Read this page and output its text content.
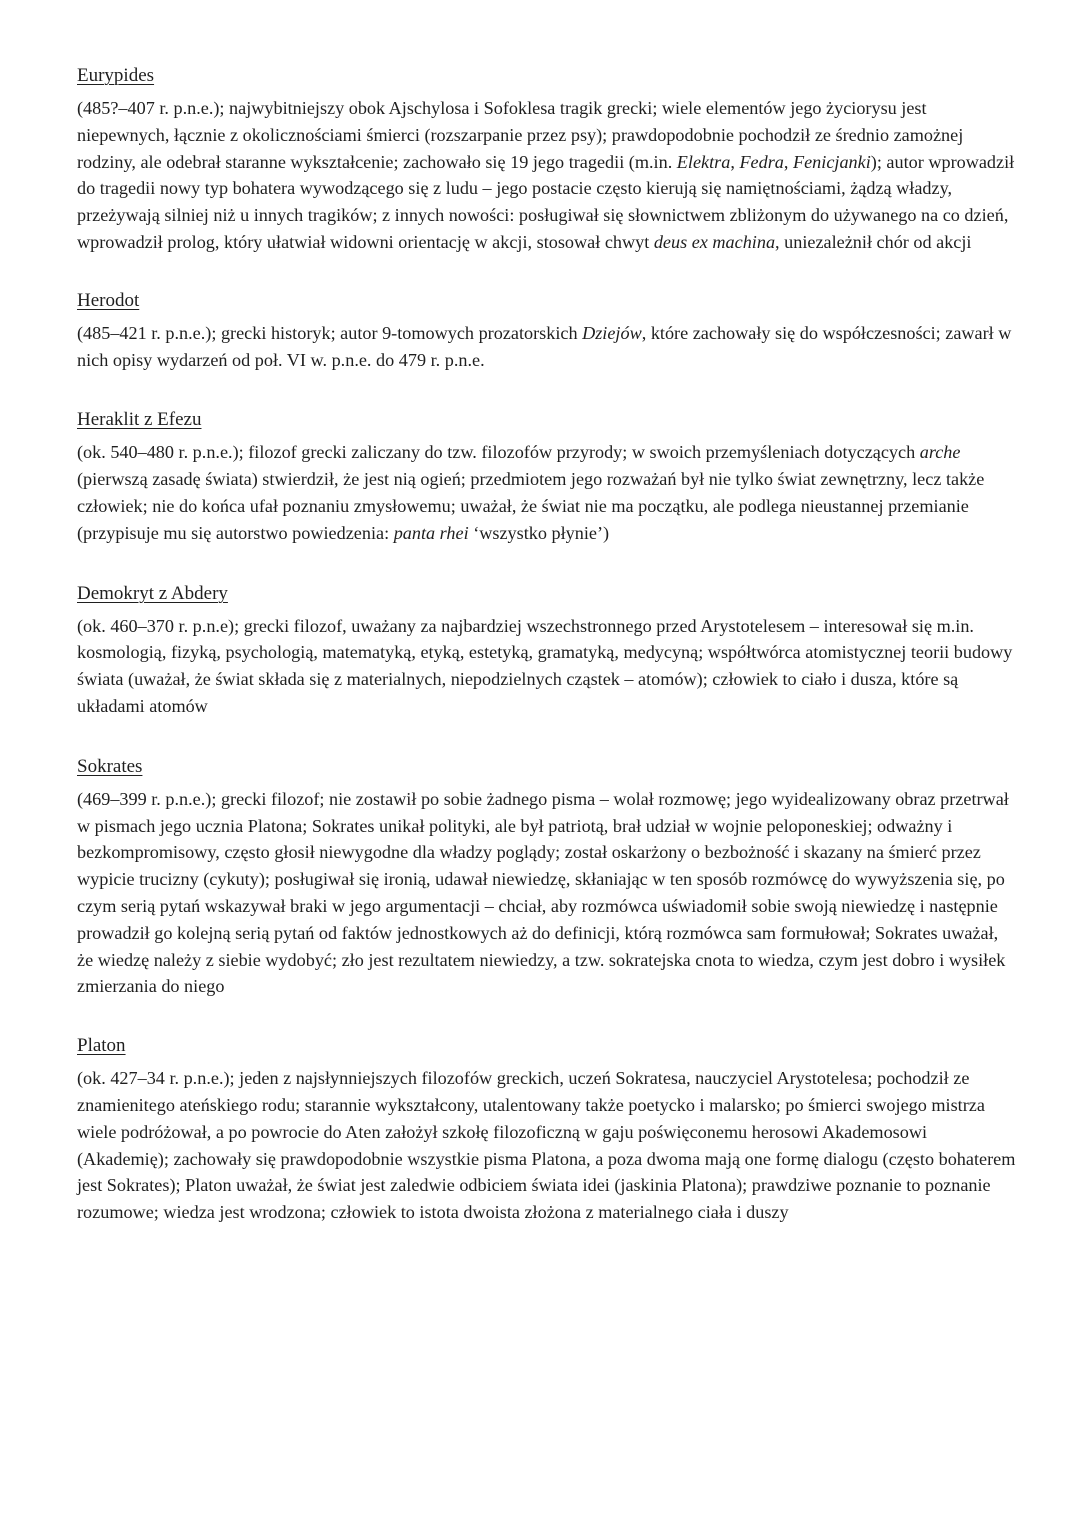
Eurypides

(485?–407 r. p.n.e.); najwybitniejszy obok Ajschylosa i Sofoklesa tragik grecki; wiele elementów jego życiorysu jest niepewnych, łącznie z okolicznościami śmierci (rozszarpanie przez psy); prawdopodobnie pochodził ze średnio zamożnej rodziny, ale odebrał staranne wykształcenie; zachowało się 19 jego tragedii (m.in. Elektra, Fedra, Fenicjanki); autor wprowadził do tragedii nowy typ bohatera wywodzącego się z ludu – jego postacie często kierują się namiętnościami, żądzą władzy, przeżywają silniej niż u innych tragików; z innych nowości: posługiwał się słownictwem zbliżonym do używanego na co dzień, wprowadził prolog, który ułatwiał widowni orientację w akcji, stosował chwyt deus ex machina, uniezależnił chór od akcji

Herodot

(485–421 r. p.n.e.); grecki historyk; autor 9-tomowych prozatorskich Dziejów, które zachowały się do współczesności; zawarł w nich opisy wydarzeń od poł. VI w. p.n.e. do 479 r. p.n.e.

Heraklit z Efezu

(ok. 540–480 r. p.n.e.); filozof grecki zaliczany do tzw. filozofów przyrody; w swoich przemyśleniach dotyczących arche (pierwszą zasadę świata) stwierdził, że jest nią ogień; przedmiotem jego rozważań był nie tylko świat zewnętrzny, lecz także człowiek; nie do końca ufał poznaniu zmysłowemu; uważał, że świat nie ma początku, ale podlega nieustannej przemianie (przypisuje mu się autorstwo powiedzenia: panta rhei ‘wszystko płynie’)

Demokryt z Abdery

(ok. 460–370 r. p.n.e); grecki filozof, uważany za najbardziej wszechstronnego przed Arystotelesem – interesował się m.in. kosmologią, fizyką, psychologią, matematyką, etyką, estetyką, gramatyką, medycyną; współtwórca atomistycznej teorii budowy świata (uważał, że świat składa się z materialnych, niepodzielnych cząstek – atomów); człowiek to ciało i dusza, które są układami atomów

Sokrates

(469–399 r. p.n.e.); grecki filozof; nie zostawił po sobie żadnego pisma – wolał rozmowę; jego wyidealizowany obraz przetrwał w pismach jego ucznia Platona; Sokrates unikał polityki, ale był patriotą, brał udział w wojnie peloponeskiej; odważny i bezkompromisowy, często głosił niewygodne dla władzy poglądy; został oskarżony o bezbożność i skazany na śmierć przez wypicie trucizny (cykuty); posługiwał się ironią, udawał niewiedzę, skłaniając w ten sposób rozmówcę do wywyższenia się, po czym serią pytań wskazywał braki w jego argumentacji – chciał, aby rozmówca uświadomił sobie swoją niewiedzę i następnie prowadził go kolejną serią pytań od faktów jednostkowych aż do definicji, którą rozmówca sam formułował; Sokrates uważał, że wiedzę należy z siebie wydobyć; zło jest rezultatem niewiedzy, a tzw. sokratejska cnota to wiedza, czym jest dobro i wysiłek zmierzania do niego

Platon

(ok. 427–34 r. p.n.e.); jeden z najsłynniejszych filozofów greckich, uczeń Sokratesa, nauczyciel Arystotelesa; pochodził ze znamienitego ateńskiego rodu; starannie wykształcony, utalentowany także poetycko i malarsko; po śmierci swojego mistrza wiele podróżował, a po powrocie do Aten założył szkołę filozoficzną w gaju poświęconemu herosowi Akademosowi (Akademię); zachowały się prawdopodobnie wszystkie pisma Platona, a poza dwoma mają one formę dialogu (często bohaterem jest Sokrates); Platon uważał, że świat jest zaledwie odbiciem świata idei (jaskinia Platona); prawdziwe poznanie to poznanie rozumowe; wiedza jest wrodzona; człowiek to istota dwoista złożona z materialnego ciała i duszy
